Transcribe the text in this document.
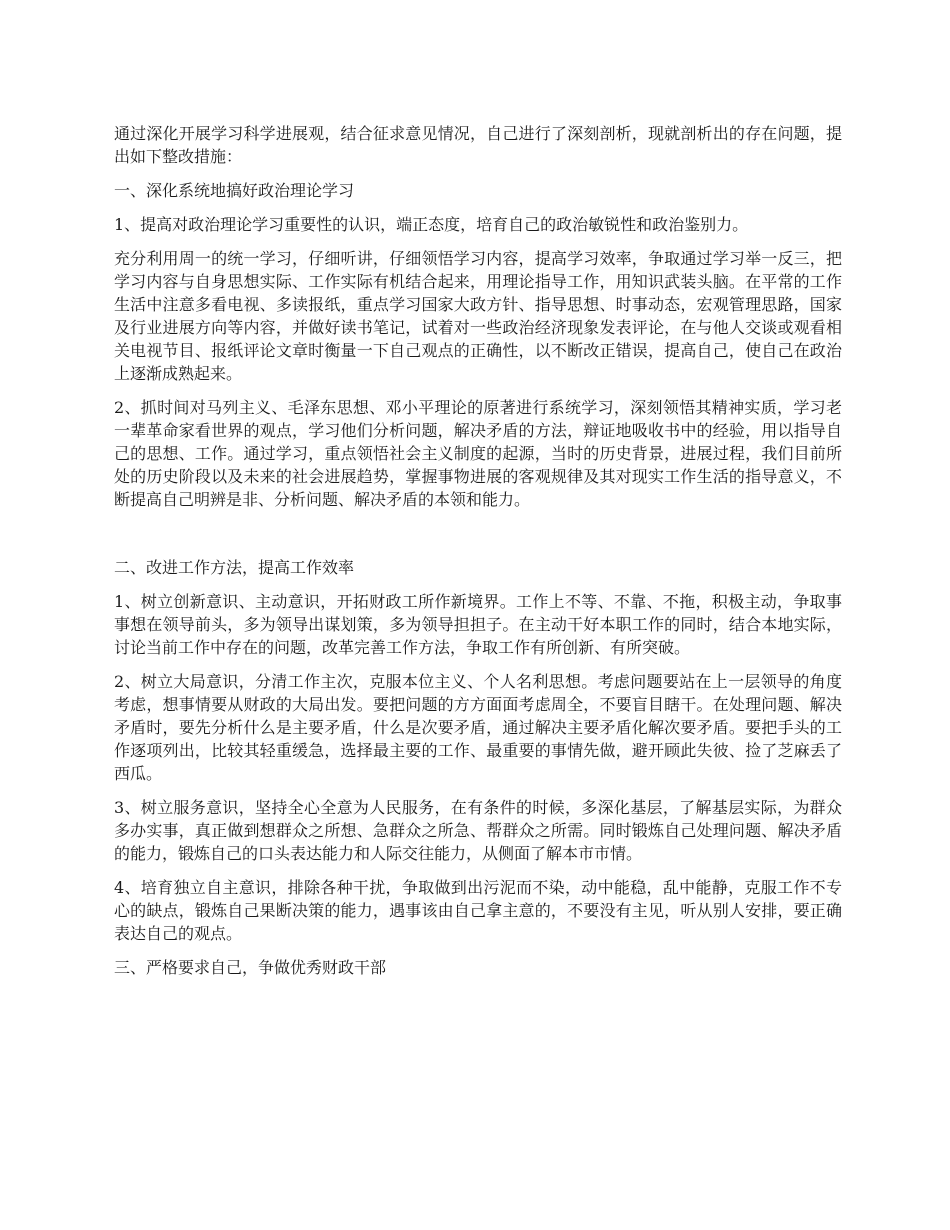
通过深化开展学习科学进展观，结合征求意见情况，自己进行了深刻剖析，现就剖析出的存在问题，提出如下整改措施：

一、深化系统地搞好政治理论学习

1、提高对政治理论学习重要性的认识，端正态度，培育自己的政治敏锐性和政治鉴别力。

充分利用周一的统一学习，仔细听讲，仔细领悟学习内容，提高学习效率，争取通过学习举一反三，把学习内容与自身思想实际、工作实际有机结合起来，用理论指导工作，用知识武装头脑。在平常的工作生活中注意多看电视、多读报纸，重点学习国家大政方针、指导思想、时事动态，宏观管理思路，国家及行业进展方向等内容，并做好读书笔记，试着对一些政治经济现象发表评论，在与他人交谈或观看相关电视节目、报纸评论文章时衡量一下自己观点的正确性，以不断改正错误，提高自己，使自己在政治上逐渐成熟起来。

2、抓时间对马列主义、毛泽东思想、邓小平理论的原著进行系统学习，深刻领悟其精神实质，学习老一辈革命家看世界的观点，学习他们分析问题，解决矛盾的方法，辩证地吸收书中的经验，用以指导自己的思想、工作。通过学习，重点领悟社会主义制度的起源，当时的历史背景，进展过程，我们目前所处的历史阶段以及未来的社会进展趋势，掌握事物进展的客观规律及其对现实工作生活的指导意义，不断提高自己明辨是非、分析问题、解决矛盾的本领和能力。

二、改进工作方法，提高工作效率

1、树立创新意识、主动意识，开拓财政工所作新境界。工作上不等、不靠、不拖，积极主动，争取事事想在领导前头，多为领导出谋划策，多为领导担担子。在主动干好本职工作的同时，结合本地实际，讨论当前工作中存在的问题，改革完善工作方法，争取工作有所创新、有所突破。

2、树立大局意识，分清工作主次，克服本位主义、个人名利思想。考虑问题要站在上一层领导的角度考虑，想事情要从财政的大局出发。要把问题的方方面面考虑周全，不要盲目瞎干。在处理问题、解决矛盾时，要先分析什么是主要矛盾，什么是次要矛盾，通过解决主要矛盾化解次要矛盾。要把手头的工作逐项列出，比较其轻重缓急，选择最主要的工作、最重要的事情先做，避开顾此失彼、捡了芝麻丢了西瓜。

3、树立服务意识，坚持全心全意为人民服务，在有条件的时候，多深化基层，了解基层实际，为群众多办实事，真正做到想群众之所想、急群众之所急、帮群众之所需。同时锻炼自己处理问题、解决矛盾的能力，锻炼自己的口头表达能力和人际交往能力，从侧面了解本市市情。

4、培育独立自主意识，排除各种干扰，争取做到出污泥而不染，动中能稳，乱中能静，克服工作不专心的缺点，锻炼自己果断决策的能力，遇事该由自己拿主意的，不要没有主见，听从别人安排，要正确表达自己的观点。

三、严格要求自己，争做优秀财政干部
